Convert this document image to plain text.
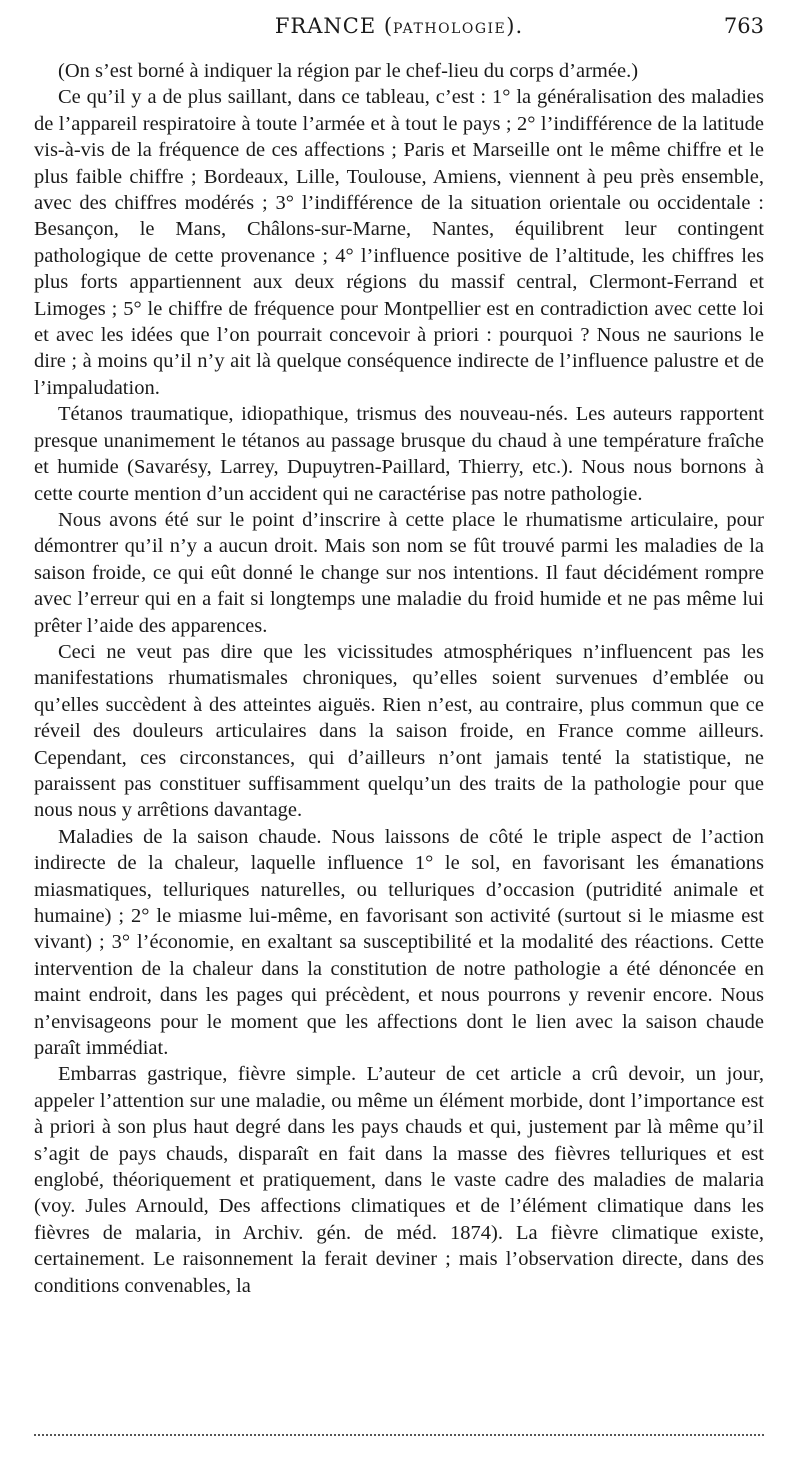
FRANCE (PATHOLOGIE).	763

(On s’est borné à indiquer la région par le chef-lieu du corps d’armée.)

Ce qu’il y a de plus saillant, dans ce tableau, c’est : 1° la généralisation des maladies de l’appareil respiratoire à toute l’armée et à tout le pays ; 2° l’indifférence de la latitude vis-à-vis de la fréquence de ces affections ; Paris et Marseille ont le même chiffre et le plus faible chiffre ; Bordeaux, Lille, Toulouse, Amiens, viennent à peu près ensemble, avec des chiffres modérés ; 3° l’indifférence de la situation orientale ou occidentale : Besançon, le Mans, Châlons-sur-Marne, Nantes, équilibrent leur contingent pathologique de cette provenance ; 4° l’influence positive de l’altitude, les chiffres les plus forts appartiennent aux deux régions du massif central, Clermont-Ferrand et Limoges ; 5° le chiffre de fréquence pour Montpellier est en contradiction avec cette loi et avec les idées que l’on pourrait concevoir à priori : pourquoi ? Nous ne saurions le dire ; à moins qu’il n’y ait là quelque conséquence indirecte de l’influence palustre et de l’impaludation.

Tétanos traumatique, idiopathique, trismus des nouveau-nés. Les auteurs rapportent presque unanimement le tétanos au passage brusque du chaud à une température fraîche et humide (Savarésy, Larrey, Dupuytren-Paillard, Thierry, etc.). Nous nous bornons à cette courte mention d’un accident qui ne caractérise pas notre pathologie.

Nous avons été sur le point d’inscrire à cette place le rhumatisme articulaire, pour démontrer qu’il n’y a aucun droit. Mais son nom se fût trouvé parmi les maladies de la saison froide, ce qui eût donné le change sur nos intentions. Il faut décidément rompre avec l’erreur qui en a fait si longtemps une maladie du froid humide et ne pas même lui prêter l’aide des apparences.

Ceci ne veut pas dire que les vicissitudes atmosphériques n’influencent pas les manifestations rhumatismales chroniques, qu’elles soient survenues d’emblée ou qu’elles succèdent à des atteintes aiguës. Rien n’est, au contraire, plus commun que ce réveil des douleurs articulaires dans la saison froide, en France comme ailleurs. Cependant, ces circonstances, qui d’ailleurs n’ont jamais tenté la statistique, ne paraissent pas constituer suffisamment quelqu’un des traits de la pathologie pour que nous nous y arrêtions davantage.

Maladies de la saison chaude. Nous laissons de côté le triple aspect de l’action indirecte de la chaleur, laquelle influence 1° le sol, en favorisant les émanations miasmatiques, telluriques naturelles, ou telluriques d’occasion (putridité animale et humaine) ; 2° le miasme lui-même, en favorisant son activité (surtout si le miasme est vivant) ; 3° l’économie, en exaltant sa susceptibilité et la modalité des réactions. Cette intervention de la chaleur dans la constitution de notre pathologie a été dénoncée en maint endroit, dans les pages qui précèdent, et nous pourrons y revenir encore. Nous n’envisageons pour le moment que les affections dont le lien avec la saison chaude paraît immédiat.

Embarras gastrique, fièvre simple. L’auteur de cet article a crû devoir, un jour, appeler l’attention sur une maladie, ou même un élément morbide, dont l’importance est à priori à son plus haut degré dans les pays chauds et qui, justement par là même qu’il s’agit de pays chauds, disparaît en fait dans la masse des fièvres telluriques et est englobé, théoriquement et pratiquement, dans le vaste cadre des maladies de malaria (voy. Jules Arnould, Des affections climatiques et de l’élément climatique dans les fièvres de malaria, in Archiv. gén. de méd. 1874). La fièvre climatique existe, certainement. Le raisonnement la ferait deviner ; mais l’observation directe, dans des conditions convenables, la
